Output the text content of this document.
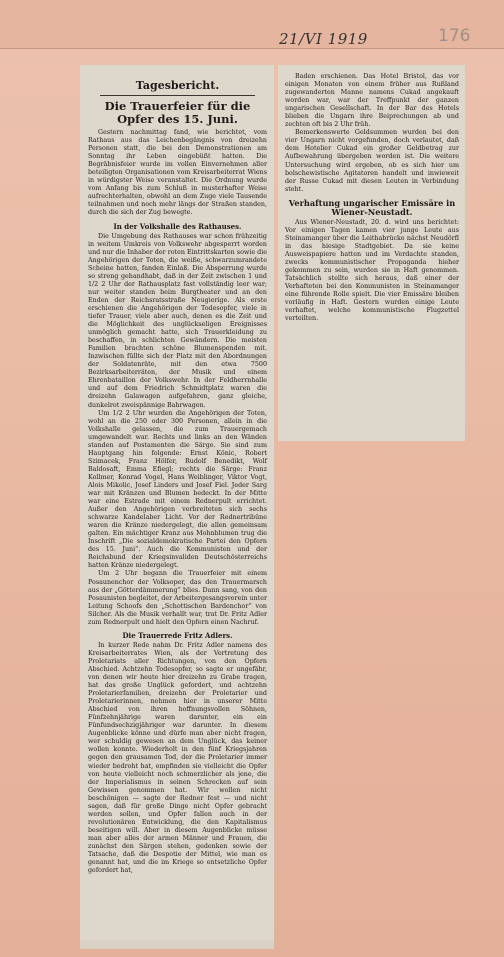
21/VI 1919	176
Tagesbericht.
Die Trauerfeier für die Opfer des 15. Juni.

Gestern nachmittag fand, wie berichtet, vom Rathaus aus das Leichenbegängnis von dreizehn Personen statt, die bei den Demonstrationen am Sonntag ihr Leben eingebüßt hatten. Die Begräbnisfeier wurde im vollen Einvernehmen aller beteiligten Organisationen vom Kreisarbeiterrat Wiens in würdigster Weise veranstaltet. Die Ordnung wurde vom Anfang bis zum Schluß in musterhafter Weise aufrechterhalten, obwohl an dem Zuge viele Tausende teilnahmen und noch mehr längs der Straßen standen, durch die sich der Zug bewegte.

In der Volkshalle des Rathauses.

Die Umgebung des Rathauses war schon frühzeitig in weitem Umkreis von Volkswehr abgesperrt worden und nur die Inhaber der roten Eintrittskarten sowie die Angehörigen der Toten, die weiße, schwarzumrandete Scheine hatten, fanden Einlaß. Die Absperrung wurde so streng gehandhabt, daß in der Zeit zwischen 1 und 1/2 2 Uhr der Rathausplatz fast vollständig leer war; nur weiter standen beim Burgtheater und an den Enden der Reichsratsstraße Neugierige. Als erste erschienen die Angehörigen der Todesopfer, viele in tiefer Trauer, viele aber auch, denen es die Zeit und die Möglichkeit des unglückseligen Ereignisses unmöglich gemacht hatte, sich Trauerkleidung zu beschaffen, in schlichten Gewändern. Die meisten Familien brachten schöne Blumenspenden mit. Inzwischen füllte sich der Platz mit den Abordnungen der Soldatenräte, mit den etwa 7500 Bezirksarbeiterräten, der Musik und einem Ehrenbataillon der Volkswehr. In der Feldherrnhalle und auf dem Friedrich Schmidtplatz waren die dreizehn Galawagen aufgefahren, ganz gleiche, dunkelrot zweispännige Bahrwagen.

Um 1/2 2 Uhr wurden die Angehörigen der Toten, wohl an die 250 oder 300 Personen, allein in die Volkshalle gelassen, die zum Trauergemach umgewandelt war. Rechts und links an den Wänden standen auf Postamenten die Särge. Sie sind zum Hauptgang hin folgende: Ernst Könic, Robert Szimacek, Franz Hölfer, Rudolf Benedikt, Wolf Baldosaft, Emma Efiegl; rechts die Särge: Franz Kollmer, Konrad Vogel, Hans Weiblinger, Viktor Vogt, Alois Mikolic, Josef Linders und Josef Fiel. Jeder Sarg war mit Kränzen und Blumen bedeckt. In der Mitte war eine Estrade mit einem Rednerpult errichtet. Außer den Angehörigen verbreiteten sich sechs schwarze Kandelaber Licht. Vor der Rednertribüne waren die Kränze niedergelegt, die allen gemeinsam galten. Ein mächtiger Kranz aus Mohnblumen trug die Inschrift „Die sozialdemokratische Partei den Opfern des 15. Juni“. Auch die Kommunisten und der Reichsbund der Kriegsinvaliden Deutschösterreichs hatten Kränze niedergelegt.

Um 2 Uhr begann die Trauerfeier mit einem Posaunenchor der Volksoper, das den Trauermarsch aus der „Götterdämmerung“ blies. Dann sang, von den Posaunisten begleitet, der Arbeitergesangsverein unter Leitung Schoofs den „Schottischen Bardenchor“ von Silcher. Als die Musik verhallt war, trat Dr. Fritz Adler zum Rednerpult und hielt den Opfern einen Nachruf.

Die Trauerrede Fritz Adlers.

In kurzer Rede nahm Dr. Fritz Adler namens des Kreisarbeiterrates Wien, als der Vertretung des Proletariats aller Richtungen, von den Opfern Abschied. Achtzehn Todesopfer, so sagte er ungefähr, von denen wir heute hier dreizehn zu Grabe tragen, hat das große Unglück gefordert, und achtzehn Proletarierfamilien, dreizehn der Proletarier und Proletarierinnen, nehmen hier in unserer Mitte Abschied von ihren hoffnungsvollen Söhnen, Fünfzehnjährige waren darunter, ein ein Fünfundsechzigjähriger war darunter. In diesem Augenblicke könne und dürfe man aber nicht fragen, wer schuldig gewesen an dem Unglück, das keiner wollen konnte. Wiederholt in den fünf Kriegsjahren gegen den grausamen Tod, der die Proletarier immer wieder bedroht hat, empfinden sie vielleicht die Opfer von heute vielleicht noch schmerzlicher als jene, die der Imperialismus in seinen Schrecken auf sein Gewissen genommen hat. Wir wollen nicht beschönigen — sagte der Redner fest — und nicht sagen, daß für große Dinge nicht Opfer gebracht werden sollen, und Opfer fallen auch in der revolutionären Entwicklung, die den Kapitalismus beseitigen will. Aber in diesem Augenblicke müsse man aber alles der armen Männer und Frauen, die zunächst den Särgen stehen, gedenken sowie der Tatsache, daß die Despotie der Mittel, wie man es genannt hat, und die im Kriege so entsetzliche Opfer gefordert hat,

Baden erschienen. Das Hotel Bristol, das vor einigen Monaten von einem früher aus Rußland zugewanderten Manne namens Cukad angekauft worden war, war der Treffpunkt der ganzen ungarischen Gesellschaft. In der Bar des Hotels blieben die Ungarn ihre Beiprechungen ab und zechten oft bis 2 Uhr früh.

Bemerkenswerte Geldsummen wurden bei den vier Ungarn nicht vorgefunden, doch verlautet, daß dem Hotelier Cukad ein großer Geldbetrag zur Aufbewahrung übergeben worden ist. Die weitere Untersuchung wird ergeben, ob es sich hier um bolschewistische Agitatoren handelt und inwieweit der Russe Cukad mit diesen Leuten in Verbindung steht.

Verhaftung ungarischer Emissäre in Wiener-Neustadt.

Aus Wiener-Neustadt, 20. d. wird uns berichtet: Vor einigen Tagen kamen vier junge Leute aus Steinamanger über die Leithabrücke nächst Neudörfl in das hiesige Stadtgebiet. Da sie keine Ausweispapiere hatten und im Verdachte standen, zwecks kommunistischer Propaganda hieher gekommen zu sein, wurden sie in Haft genommen. Tatsächlich stellte sich heraus, daß einer der Verhafteten bei den Kommunisten in Steinamanger eine führende Rolle spielt. Die vier Emissäre bleiben vorläufig in Haft. Gestern wurden einige Leute verhaftet, welche kommunistische Flugzettel verteilten.
